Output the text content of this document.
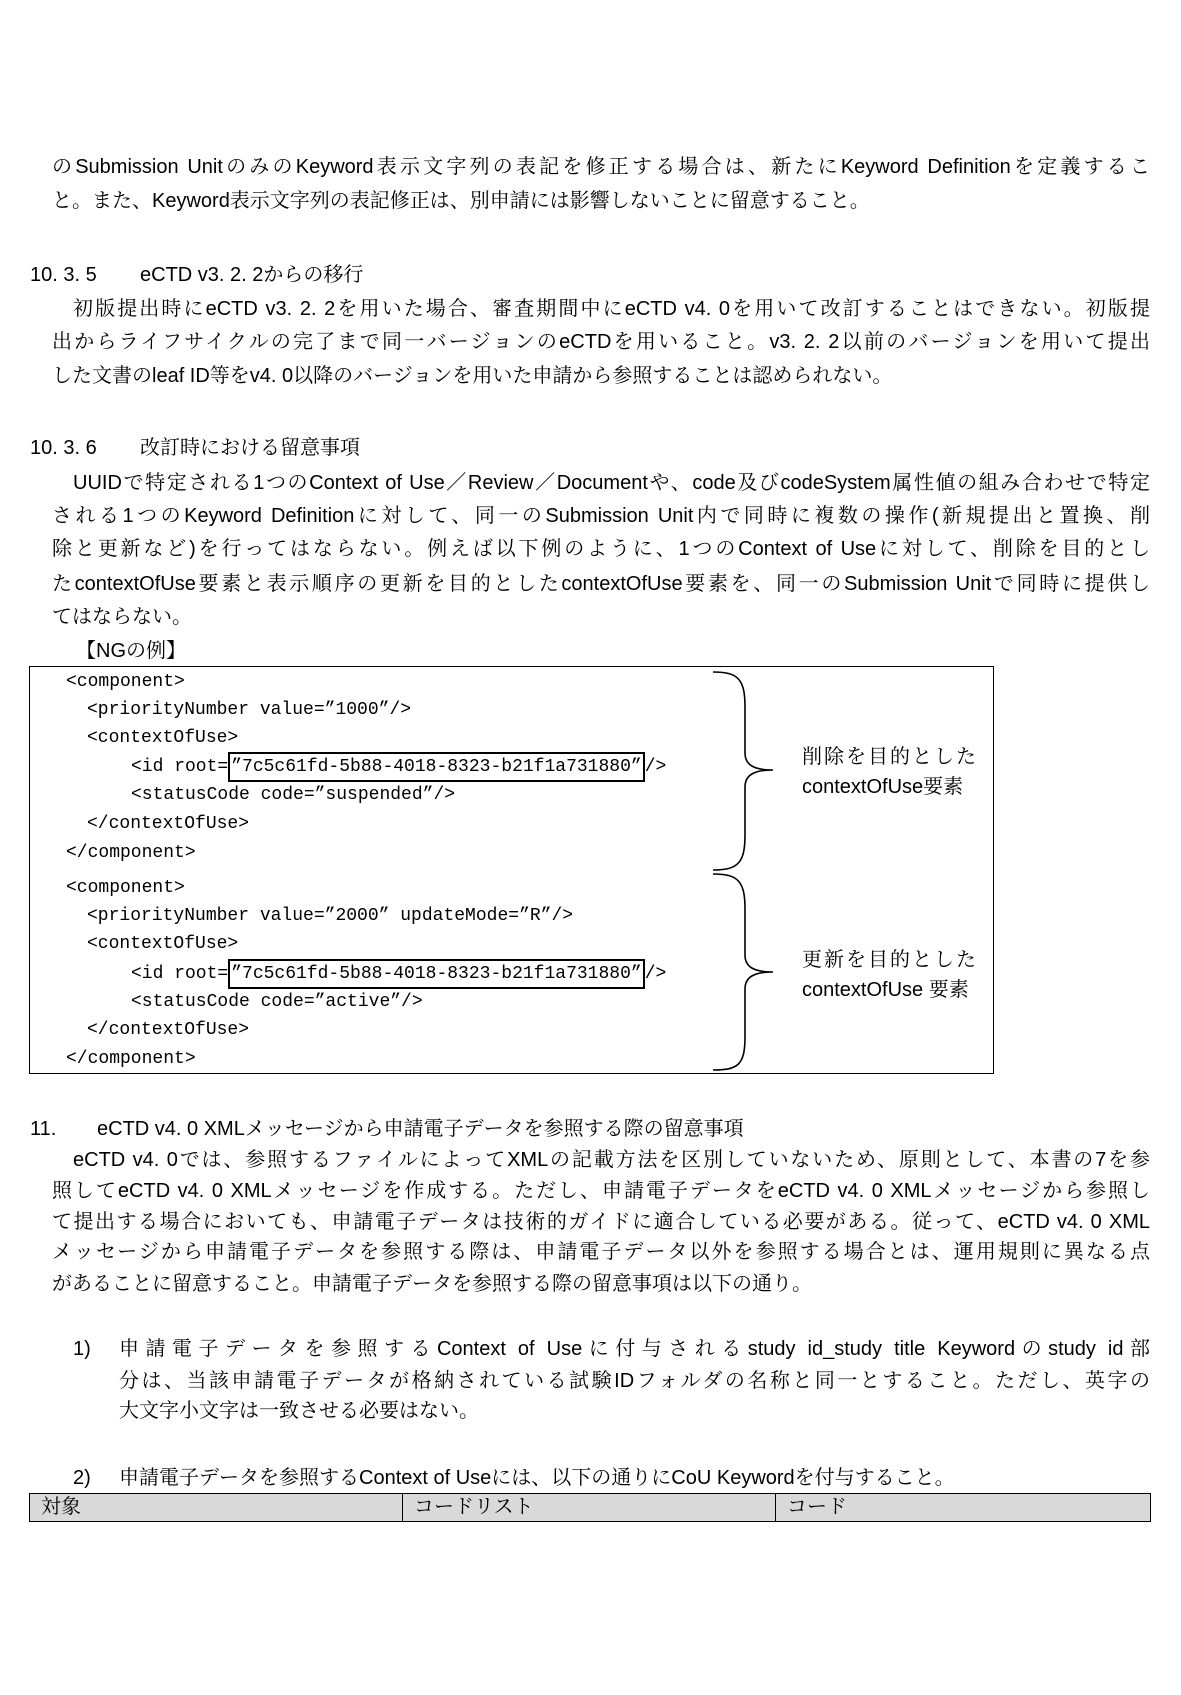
のSubmission UnitのみのKeyword表示文字列の表記を修正する場合は、新たにKeyword Definitionを定義するこ
と。また、Keyword表示文字列の表記修正は、別申請には影響しないことに留意すること。
10. 3. 5 eCTD v3. 2. 2からの移行
初版提出時にeCTD v3. 2. 2を用いた場合、審査期間中にeCTD v4. 0を用いて改訂することはできない。初版提
出からライフサイクルの完了まで同一バージョンのeCTDを用いること。v3. 2. 2以前のバージョンを用いて提出
した文書のleaf ID等をv4. 0以降のバージョンを用いた申請から参照することは認められない。
10. 3. 6 改訂時における留意事項
UUIDで特定される1つのContext of Use／Review／Documentや、code及びcodeSystem属性値の組み合わせで特定
される1つのKeyword Definitionに対して、同一のSubmission Unit内で同時に複数の操作(新規提出と置換、削
除と更新など)を行ってはならない。例えば以下例のように、1つのContext of Useに対して、削除を目的とし
たcontextOfUse要素と表示順序の更新を目的としたcontextOfUse要素を、同一のSubmission Unitで同時に提供し
てはならない。
【NGの例】
<component>
<priorityNumber value=”1000”/>
<contextOfUse>
<id root= ”7c5c61fd-5b88-4018-8323-b21f1a731880” />
<statusCode code=”suspended”/>
</contextOfUse>
</component>
削除を目的とした
contextOfUse要素
<component>
<priorityNumber value=”2000” updateMode=”R”/>
<contextOfUse>
<id root= ”7c5c61fd-5b88-4018-8323-b21f1a731880” />
<statusCode code=”active”/>
</contextOfUse>
</component>
更新を目的とした
contextOfUse 要素
11. eCTD v4. 0 XMLメッセージから申請電子データを参照する際の留意事項
eCTD v4. 0では、参照するファイルによってXMLの記載方法を区別していないため、原則として、本書の7を参
照してeCTD v4. 0 XMLメッセージを作成する。ただし、申請電子データをeCTD v4. 0 XMLメッセージから参照し
て提出する場合においても、申請電子データは技術的ガイドに適合している必要がある。従って、eCTD v4. 0 XML
メッセージから申請電子データを参照する際は、申請電子データ以外を参照する場合とは、運用規則に異なる点
があることに留意すること。申請電子データを参照する際の留意事項は以下の通り。
1) 申請電子データを参照するContext of Useに付与されるstudy id_study title Keywordのstudy id部
分は、当該申請電子データが格納されている試験IDフォルダの名称と同一とすること。ただし、英字の
大文字小文字は一致させる必要はない。
2) 申請電子データを参照するContext of Useには、以下の通りにCoU Keywordを付与すること。
対象	コードリスト	コード
